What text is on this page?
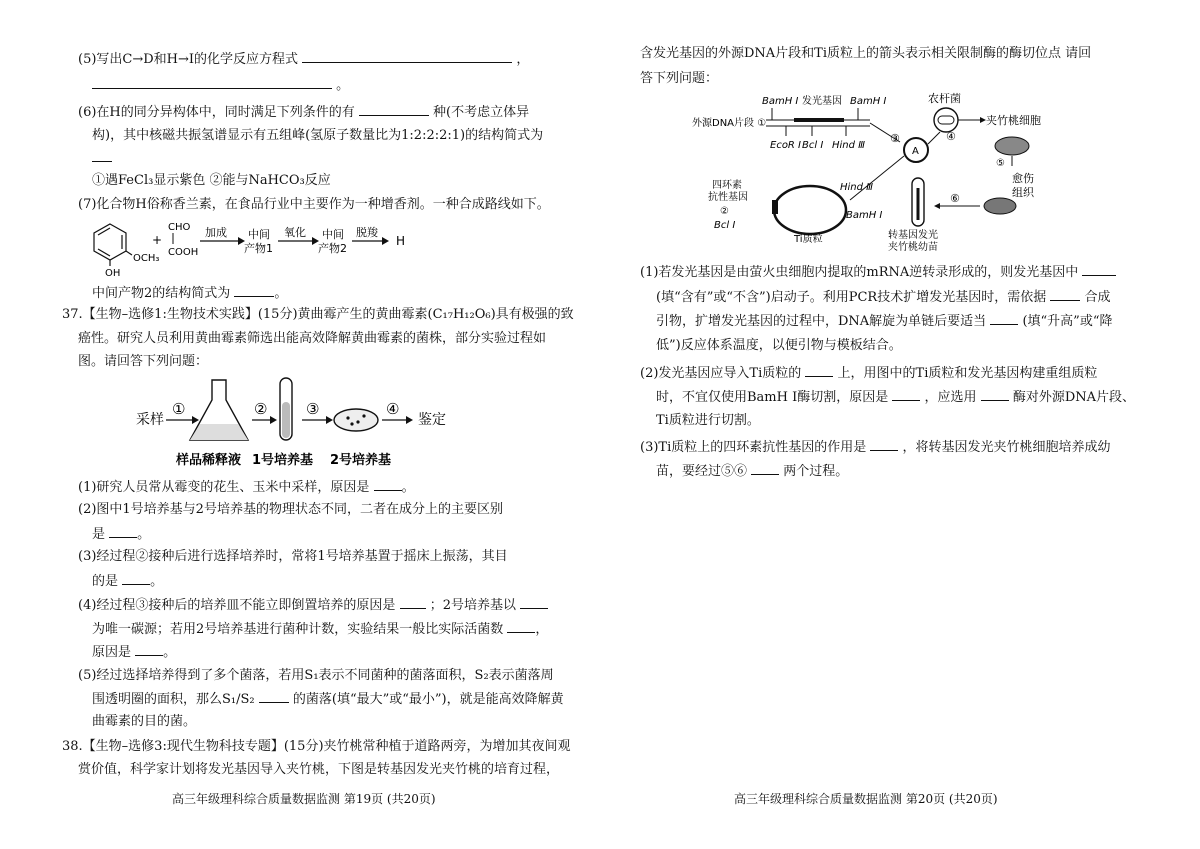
(5)写出C→D和H→I的化学反应方程式	，
。
(6)在H的同分异构体中，同时满足下列条件的有	种(不考虑立体异
构)，其中核磁共振氢谱显示有五组峰(氢原子数量比为1:2:2:2:1)的结构简式为
①遇FeCl₃显示紫色 ②能与NaHCO₃反应
(7)化合物H俗称香兰素，在食品行业中主要作为一种增香剂。一种合成路线如下。
OH
OCH₃
+
CHO
COOH
加成 中间
产物1
氧化 中间
产物2
脱羧
H
中间产物2的结构简式为	。
37.【生物–选修1:生物技术实践】(15分)黄曲霉产生的黄曲霉素(C₁₇H₁₂O₆)具有极强的致
癌性。研究人员利用黄曲霉素筛选出能高效降解黄曲霉素的菌株，部分实验过程如
图。请回答下列问题：
采样
①	②	③	④
鉴定
样品稀释液 1号培养基 2号培养基
(1)研究人员常从霉变的花生、玉米中采样，原因是 。
(2)图中1号培养基与2号培养基的物理状态不同，二者在成分上的主要区别
是 。
(3)经过程②接种后进行选择培养时，常将1号培养基置于摇床上振荡，其目
的是 。
(4)经过程③接种后的培养皿不能立即倒置培养的原因是	；2号培养基以
为唯一碳源；若用2号培养基进行菌种计数，实验结果一般比实际活菌数 ，
原因是 。
(5)经过选择培养得到了多个菌落，若用S₁表示不同菌种的菌落面积，S₂表示菌落周
围透明圈的面积，那么S₁/S₂	的菌落(填“最大”或“最小”)，就是能高效降解黄
曲霉素的目的菌。
38.【生物–选修3:现代生物科技专题】(15分)夹竹桃常种植于道路两旁，为增加其夜间观
赏价值，科学家计划将发光基因导入夹竹桃，下图是转基因发光夹竹桃的培育过程，
高三年级理科综合质量数据监测 第19页 (共20页)
含发光基因的外源DNA片段和Ti质粒上的箭头表示相关限制酶的酶切位点 请回
答下列问题：
BamH I	BamH I
发光基因
外源DNA片段 ①
EcoR I Bcl I Hind Ⅲ
③
A
农杆菌
④
夹竹桃细胞
⑤
愈伤
组织
⑥
转基因发光
夹竹桃幼苗
四环素
抗性基因
②
Bcl I
Hind Ⅲ
BamH I
Ti质粒
(1)若发光基因是由萤火虫细胞内提取的mRNA逆转录形成的，则发光基因中
(填“含有”或“不含”)启动子。利用PCR技术扩增发光基因时，需依据	合成
引物，扩增发光基因的过程中，DNA解旋为单链后要适当	(填“升高”或“降
低”)反应体系温度，以便引物与模板结合。
(2)发光基因应导入Ti质粒的	上，用图中的Ti质粒和发光基因构建重组质粒
时，不宜仅使用BamH I酶切割，原因是	，应选用	酶对外源DNA片段、
Ti质粒进行切割。
(3)Ti质粒上的四环素抗性基因的作用是	，将转基因发光夹竹桃细胞培养成幼
苗，要经过⑤⑥	两个过程。
高三年级理科综合质量数据监测 第20页 (共20页)
